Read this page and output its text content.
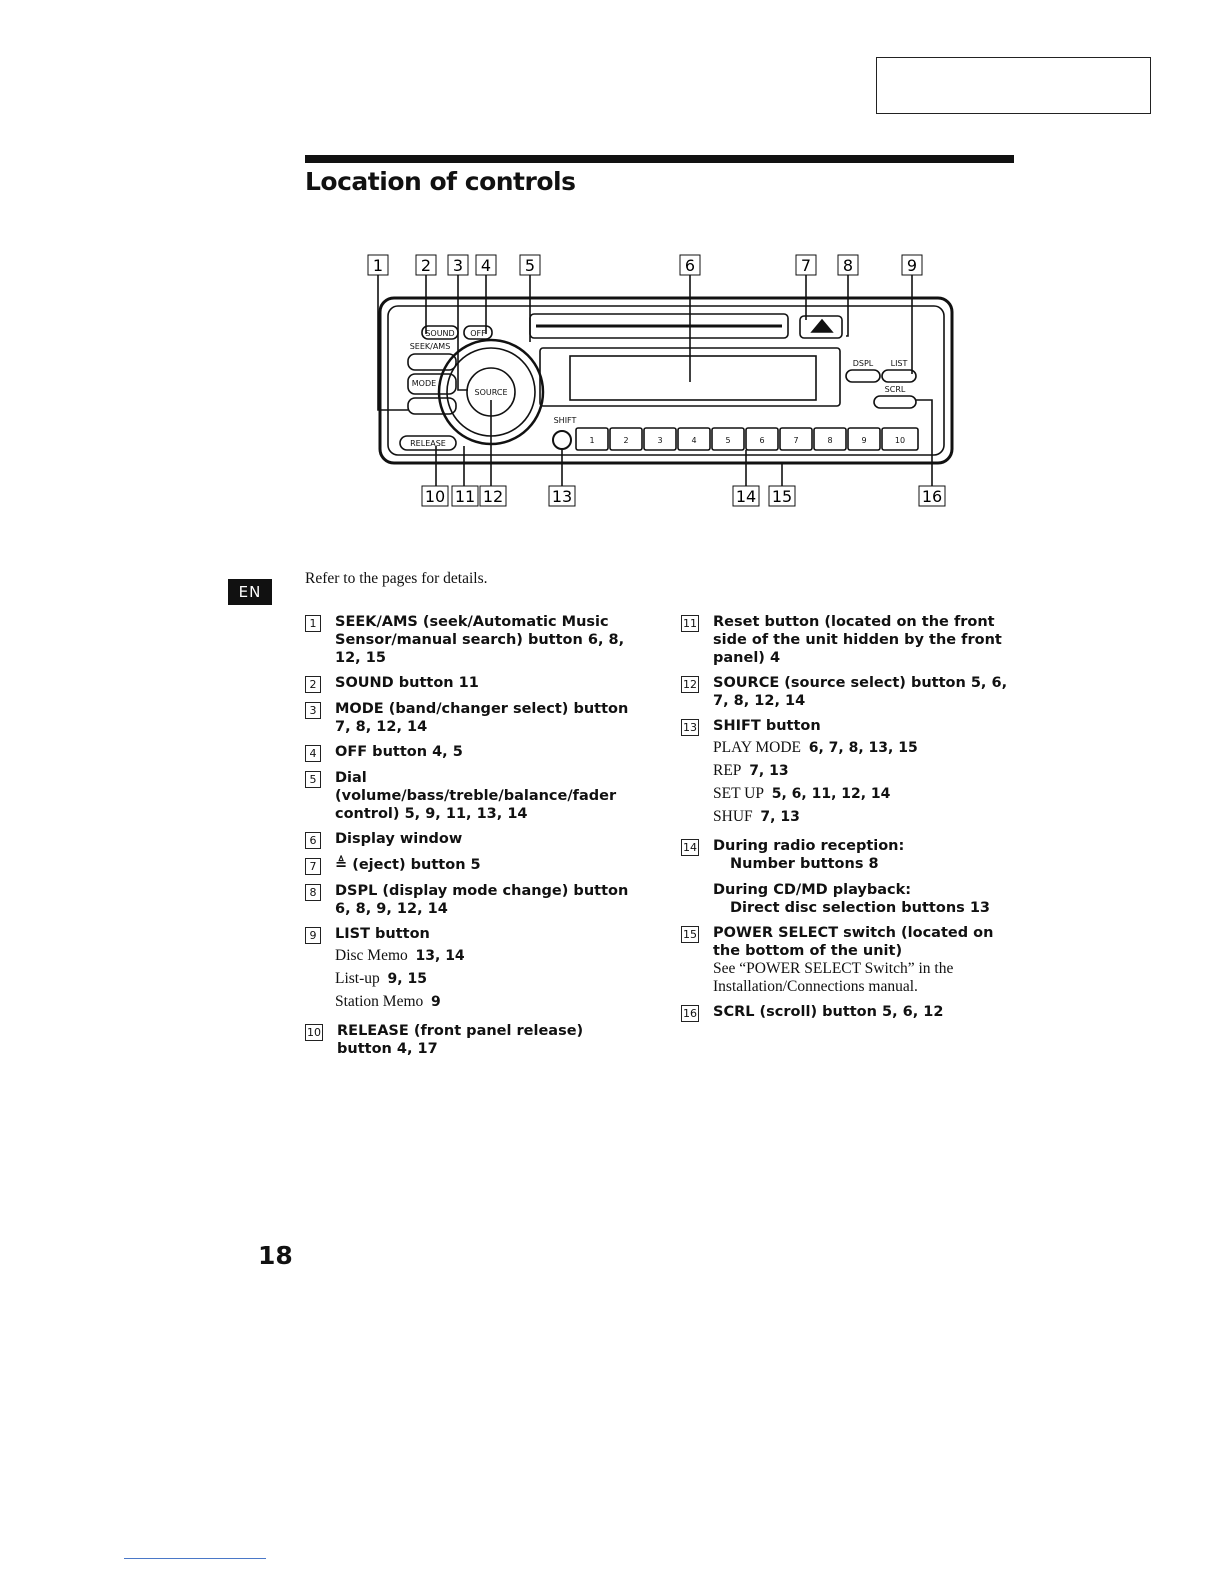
Location of controls
1 2 3 4 5	6	7 8	9
10 11 12	13	14 15	16
SOUND OFF
SEEK/AMS
MODE
SOURCE
RELEASE
SHIFT
DSPL LIST
SCRL
1	2	3	4	5	6	7	8	9	10
EN
Refer to the pages for details.
1	SEEK/AMS (seek/Automatic Music Sensor/manual search) button 6, 8, 12, 15
2	SOUND button 11
3	MODE (band/changer select) button 7, 8, 12, 14
4	OFF button 4, 5
5	Dial (volume/bass/treble/balance/fader control) 5, 9, 11, 13, 14
6	Display window
7	≜ (eject) button 5
8	DSPL (display mode change) button 6, 8, 9, 12, 14
9	LIST button
Disc Memo 13, 14
List-up 9, 15
Station Memo 9
10 RELEASE (front panel release) button 4, 17
11 Reset button (located on the front side of the unit hidden by the front panel) 4
12 SOURCE (source select) button 5, 6, 7, 8, 12, 14
13 SHIFT button
PLAY MODE 6, 7, 8, 13, 15
REP 7, 13
SET UP 5, 6, 11, 12, 14
SHUF 7, 13
14 During radio reception:
Number buttons 8
During CD/MD playback:
Direct disc selection buttons 13
15 POWER SELECT switch (located on the bottom of the unit)
See “POWER SELECT Switch” in the Installation/Connections manual.
16 SCRL (scroll) button 5, 6, 12
18
